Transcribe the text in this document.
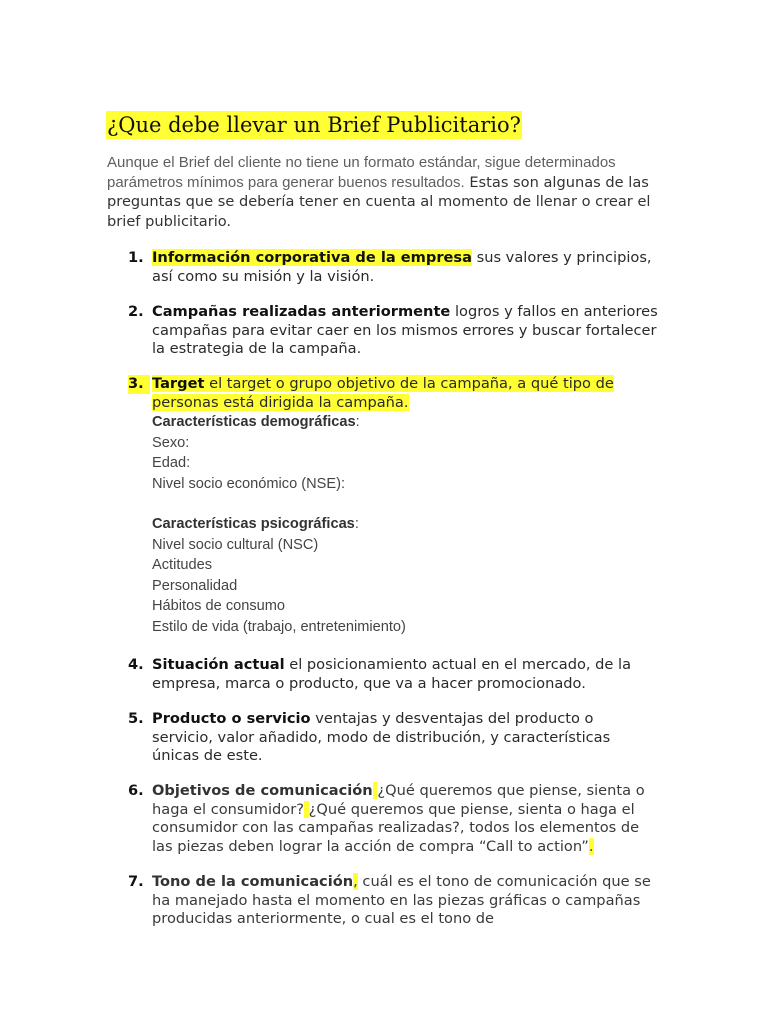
¿Que debe llevar un Brief Publicitario?

Aunque el Brief del cliente no tiene un formato estándar, sigue determinados parámetros mínimos para generar buenos resultados. Estas son algunas de las preguntas que se debería tener en cuenta al momento de llenar o crear el brief publicitario.

1. Información corporativa de la empresa sus valores y principios, así como su misión y la visión.
2. Campañas realizadas anteriormente logros y fallos en anteriores campañas para evitar caer en los mismos errores y buscar fortalecer la estrategia de la campaña.
3. Target el target o grupo objetivo de la campaña, a qué tipo de personas está dirigida la campaña.
Características demográficas:
Sexo:
Edad:
Nivel socio económico (NSE):
Características psicográficas:
Nivel socio cultural (NSC)
Actitudes
Personalidad
Hábitos de consumo
Estilo de vida (trabajo, entretenimiento)
4. Situación actual el posicionamiento actual en el mercado, de la empresa, marca o producto, que va a hacer promocionado.
5. Producto o servicio ventajas y desventajas del producto o servicio, valor añadido, modo de distribución, y características únicas de este.
6. Objetivos de comunicación ¿Qué queremos que piense, sienta o haga el consumidor? ¿Qué queremos que piense, sienta o haga el consumidor con las campañas realizadas?, todos los elementos de las piezas deben lograr la acción de compra “Call to action”.
7. Tono de la comunicación, cuál es el tono de comunicación que se ha manejado hasta el momento en las piezas gráficas o campañas producidas anteriormente, o cual es el tono de
